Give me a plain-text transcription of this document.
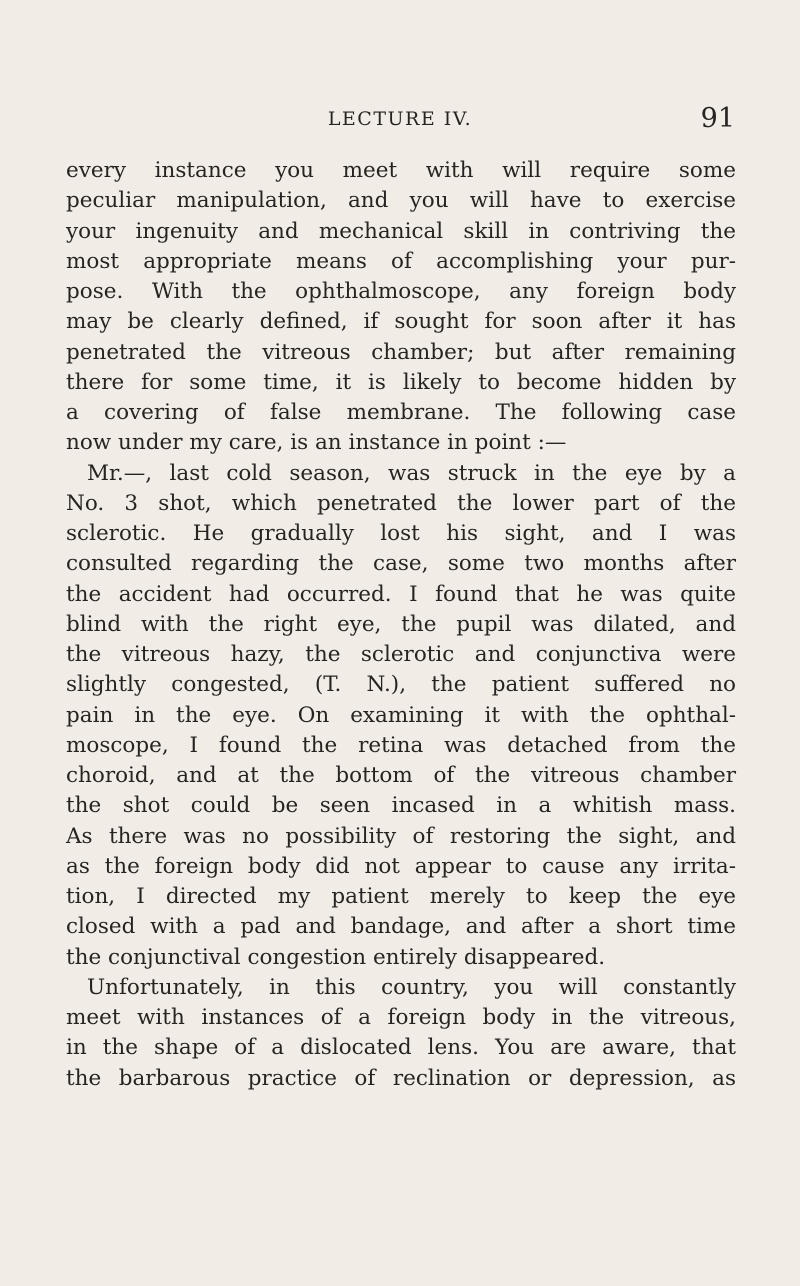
LECTURE IV.	91
every instance you meet with will require some
peculiar manipulation, and you will have to exercise
your ingenuity and mechanical skill in contriving the
most appropriate means of accomplishing your pur-
pose. With the ophthalmoscope, any foreign body
may be clearly defined, if sought for soon after it has
penetrated the vitreous chamber; but after remaining
there for some time, it is likely to become hidden by
a covering of false membrane. The following case
now under my care, is an instance in point :—
Mr.—, last cold season, was struck in the eye by a
No. 3 shot, which penetrated the lower part of the
sclerotic. He gradually lost his sight, and I was
consulted regarding the case, some two months after
the accident had occurred. I found that he was quite
blind with the right eye, the pupil was dilated, and
the vitreous hazy, the sclerotic and conjunctiva were
slightly congested, (T. N.), the patient suffered no
pain in the eye. On examining it with the ophthal-
moscope, I found the retina was detached from the
choroid, and at the bottom of the vitreous chamber
the shot could be seen incased in a whitish mass.
As there was no possibility of restoring the sight, and
as the foreign body did not appear to cause any irrita-
tion, I directed my patient merely to keep the eye
closed with a pad and bandage, and after a short time
the conjunctival congestion entirely disappeared.
Unfortunately, in this country, you will constantly
meet with instances of a foreign body in the vitreous,
in the shape of a dislocated lens. You are aware, that
the barbarous practice of reclination or depression, as
